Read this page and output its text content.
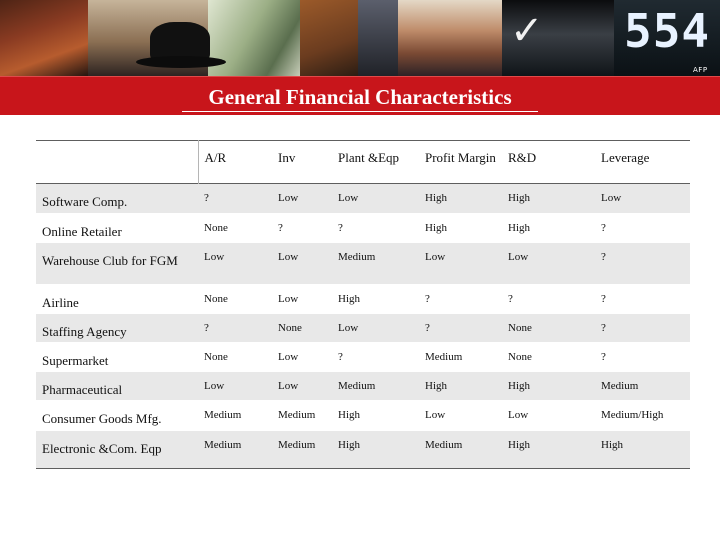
✓ 554
AFP
General Financial Characteristics
	A/R	Inv	Plant &Eqp	Profit Margin	R&D	Leverage
Software Comp.	?	Low	Low	High	High	Low
Online Retailer	None	?	?	High	High	?
Warehouse Club for FGM	Low	Low	Medium	Low	Low	?
Airline	None	Low	High	?	?	?
Staffing Agency	?	None	Low	?	None	?
Supermarket	None	Low	?	Medium	None	?
Pharmaceutical	Low	Low	Medium	High	High	Medium
Consumer Goods Mfg.	Medium	Medium	High	Low	Low	Medium/High
Electronic &Com. Eqp	Medium	Medium	High	Medium	High	High
